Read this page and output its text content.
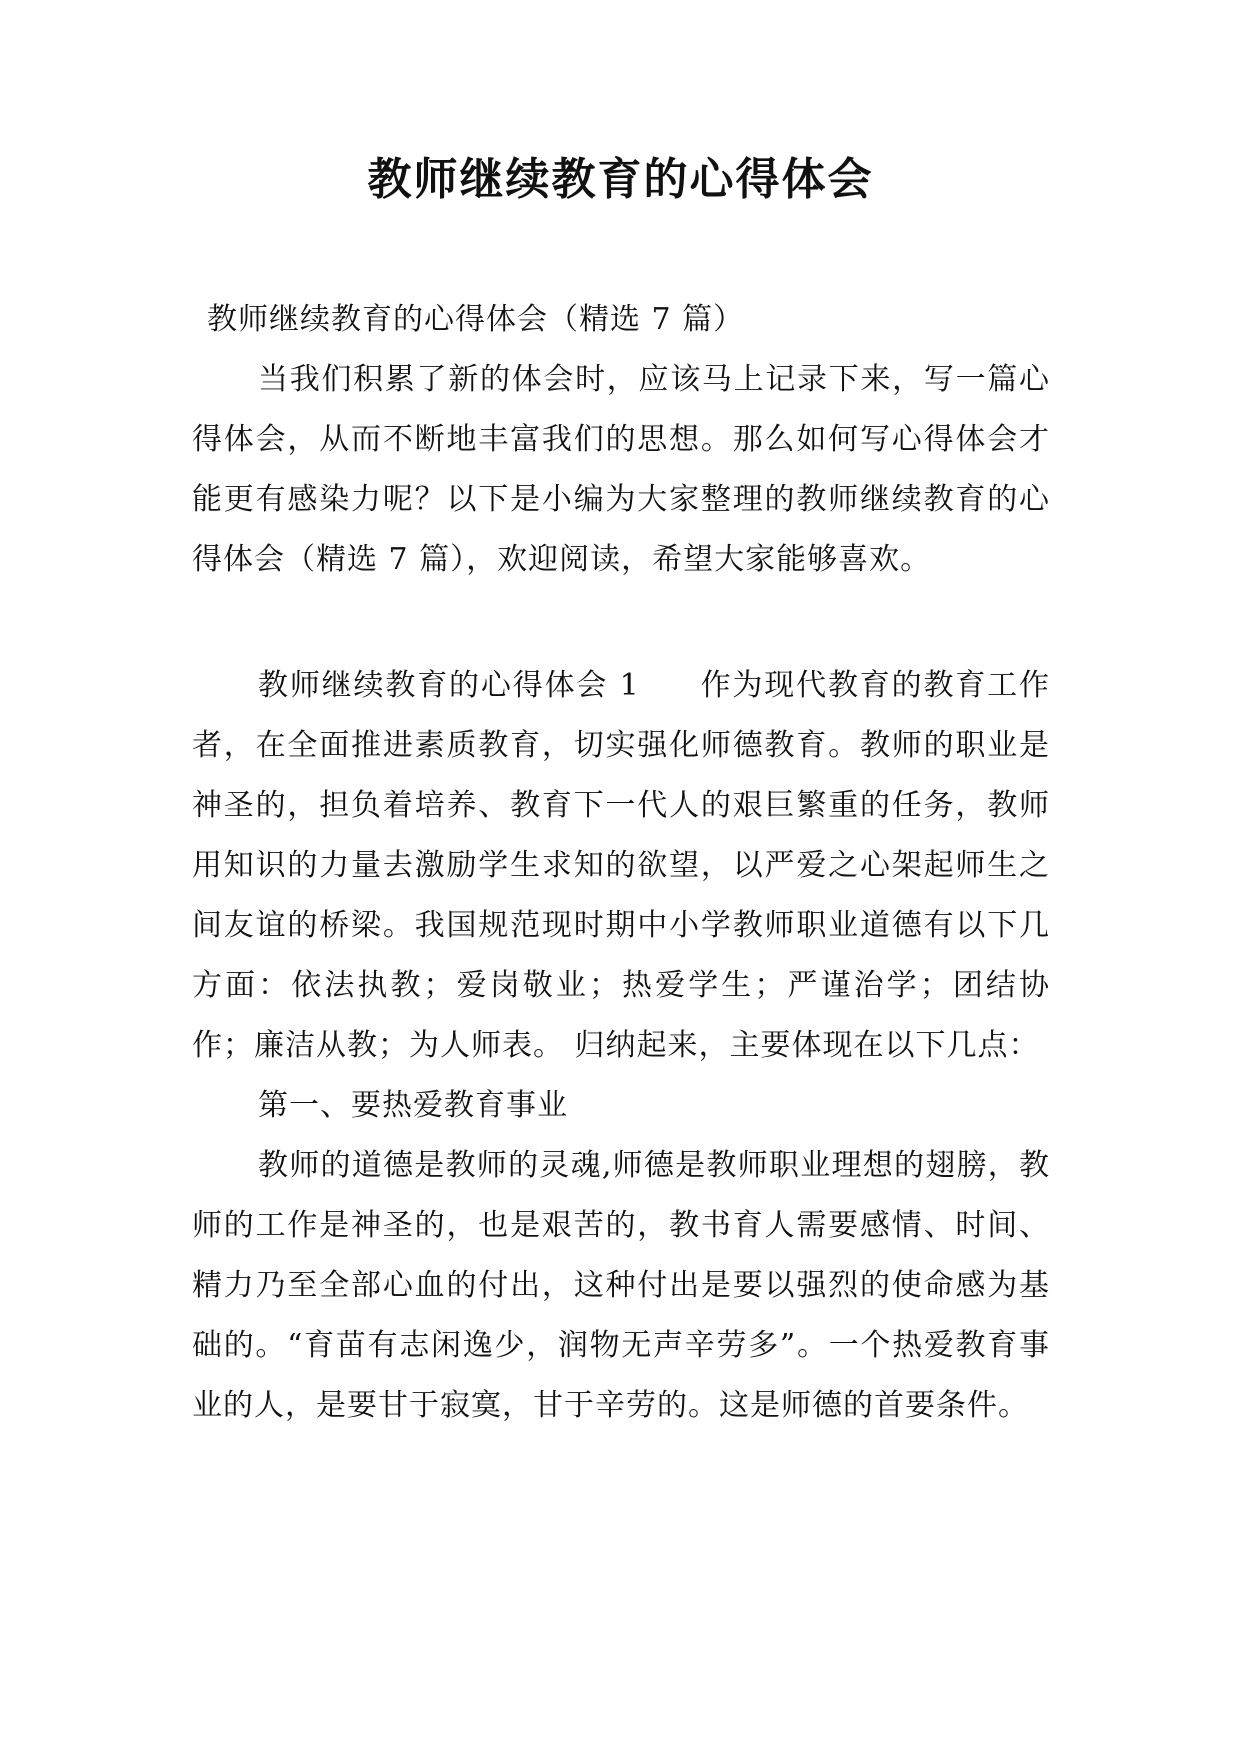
教师继续教育的心得体会

教师继续教育的心得体会（精选 7 篇）

当我们积累了新的体会时，应该马上记录下来，写一篇心得体会，从而不断地丰富我们的思想。那么如何写心得体会才能更有感染力呢？以下是小编为大家整理的教师继续教育的心得体会（精选 7 篇），欢迎阅读，希望大家能够喜欢。

教师继续教育的心得体会 1 作为现代教育的教育工作者，在全面推进素质教育，切实强化师德教育。教师的职业是神圣的，担负着培养、教育下一代人的艰巨繁重的任务，教师用知识的力量去激励学生求知的欲望，以严爱之心架起师生之间友谊的桥梁。我国规范现时期中小学教师职业道德有以下几方面：依法执教；爱岗敬业；热爱学生；严谨治学；团结协作；廉洁从教；为人师表。 归纳起来，主要体现在以下几点：

第一、要热爱教育事业

教师的道德是教师的灵魂,师德是教师职业理想的翅膀，教师的工作是神圣的，也是艰苦的，教书育人需要感情、时间、精力乃至全部心血的付出，这种付出是要以强烈的使命感为基础的。“育苗有志闲逸少，润物无声辛劳多”。一个热爱教育事业的人，是要甘于寂寞，甘于辛劳的。这是师德的首要条件。
